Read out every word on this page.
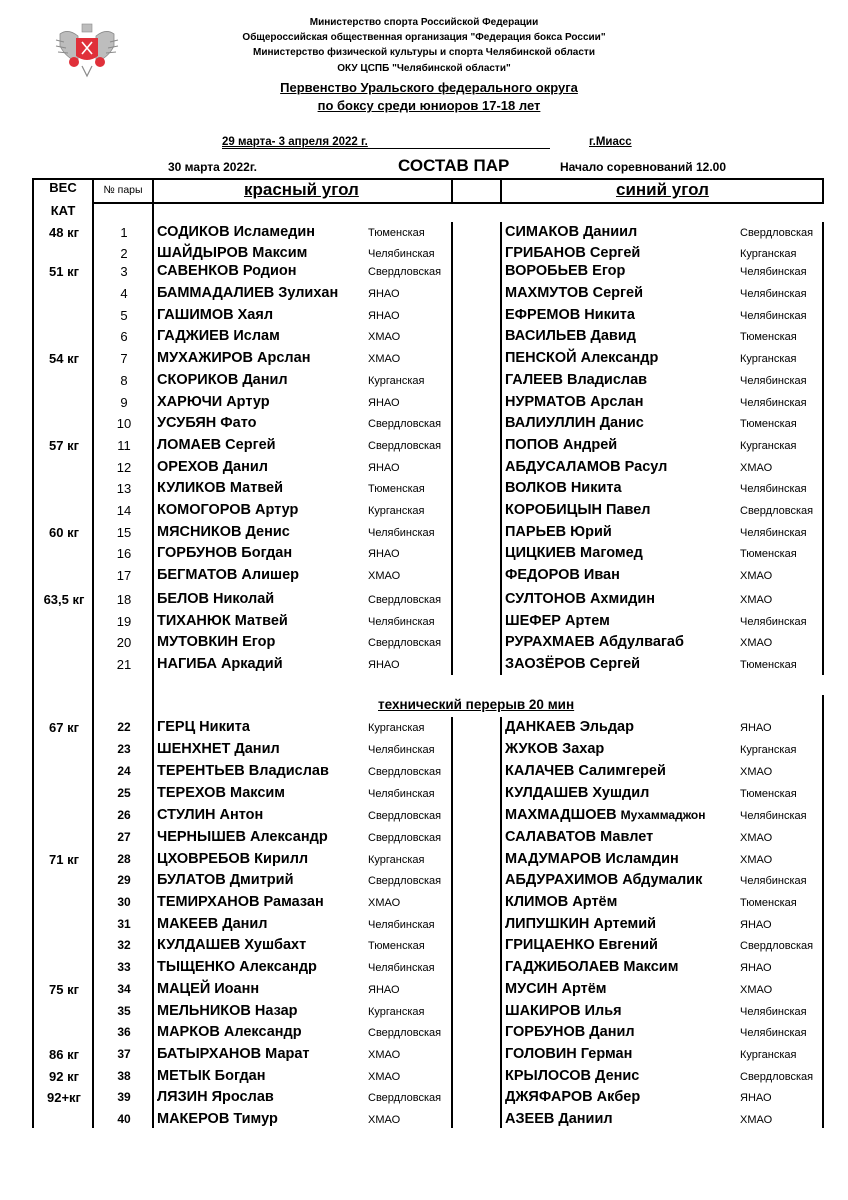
Министерство спорта Российской Федерации
Общероссийская общественная организация "Федерация бокса России"
Министерство физической культуры и спорта Челябинской области
ОКУ ЦСПБ "Челябинской области"
Первенство Уральского федерального округа
по боксу среди юниоров 17-18 лет
29 марта- 3 апреля 2022 г.	г.Миасс
30 марта 2022г.	СОСТАВ ПАР	Начало соревнований 12.00
ВЕС
КАТ
№ пары	красный угол	синий угол
48 кг	1	СОДИКОВ Исламедин	Тюменская	СИМАКОВ Даниил	Свердловская
2	ШАЙДЫРОВ Максим	Челябинская	ГРИБАНОВ Сергей	Курганская
51 кг	3	САВЕНКОВ Родион	Свердловская	ВОРОБЬЕВ Егор	Челябинская
4	БАММАДАЛИЕВ Зулихан	ЯНАО	МАХМУТОВ Сергей	Челябинская
5	ГАШИМОВ Хаял	ЯНАО	ЕФРЕМОВ Никита	Челябинская
6	ГАДЖИЕВ Ислам	ХМАО	ВАСИЛЬЕВ Давид	Тюменская
54 кг	7	МУХАЖИРОВ Арслан	ХМАО	ПЕНСКОЙ Александр	Курганская
8	СКОРИКОВ Данил	Курганская	ГАЛЕЕВ Владислав	Челябинская
9	ХАРЮЧИ Артур	ЯНАО	НУРМАТОВ Арслан	Челябинская
10	УСУБЯН Фато	Свердловская	ВАЛИУЛЛИН Данис	Тюменская
57 кг	11	ЛОМАЕВ Сергей	Свердловская	ПОПОВ Андрей	Курганская
12	ОРЕХОВ Данил	ЯНАО	АБДУСАЛАМОВ Расул	ХМАО
13	КУЛИКОВ Матвей	Тюменская	ВОЛКОВ Никита	Челябинская
14	КОМОГОРОВ Артур	Курганская	КОРОБИЦЫН Павел	Свердловская
60 кг	15	МЯСНИКОВ Денис	Челябинская	ПАРЬЕВ Юрий	Челябинская
16	ГОРБУНОВ Богдан	ЯНАО	ЦИЦКИЕВ Магомед	Тюменская
17	БЕГМАТОВ Алишер	ХМАО	ФЕДОРОВ Иван	ХМАО
63,5 кг	18	БЕЛОВ Николай	Свердловская	СУЛТОНОВ Ахмидин	ХМАО
19	ТИХАНЮК Матвей	Челябинская	ШЕФЕР Артем	Челябинская
20	МУТОВКИН Егор	Свердловская	РУРАХМАЕВ Абдулвагаб	ХМАО
21	НАГИБА Аркадий	ЯНАО	ЗАОЗЁРОВ Сергей	Тюменская
67 кг	22	ГЕРЦ Никита	Курганская	ДАНКАЕВ Эльдар	ЯНАО
23	ШЕНХНЕТ Данил	Челябинская	ЖУКОВ Захар	Курганская
24	ТЕРЕНТЬЕВ Владислав	Свердловская	КАЛАЧЕВ Салимгерей	ХМАО
25	ТЕРЕХОВ Максим	Челябинская	КУЛДАШЕВ Хушдил	Тюменская
26	СТУЛИН Антон	Свердловская	МАХМАДШОЕВ Мухаммаджон	Челябинская
27	ЧЕРНЫШЕВ Александр	Свердловская	САЛАВАТОВ Мавлет	ХМАО
71 кг	28	ЦХОВРЕБОВ Кирилл	Курганская	МАДУМАРОВ Исламдин	ХМАО
29	БУЛАТОВ Дмитрий	Свердловская	АБДУРАХИМОВ Абдумалик	Челябинская
30	ТЕМИРХАНОВ Рамазан	ХМАО	КЛИМОВ Артём	Тюменская
31	МАКЕЕВ Данил	Челябинская	ЛИПУШКИН Артемий	ЯНАО
32	КУЛДАШЕВ Хушбахт	Тюменская	ГРИЦАЕНКО Евгений	Свердловская
33	ТЫЩЕНКО Александр	Челябинская	ГАДЖИБОЛАЕВ Максим	ЯНАО
75 кг	34	МАЦЕЙ Иоанн	ЯНАО	МУСИН Артём	ХМАО
35	МЕЛЬНИКОВ Назар	Курганская	ШАКИРОВ Илья	Челябинская
36	МАРКОВ Александр	Свердловская	ГОРБУНОВ Данил	Челябинская
86 кг	37	БАТЫРХАНОВ Марат	ХМАО	ГОЛОВИН Герман	Курганская
92 кг	38	МЕТЫК Богдан	ХМАО	КРЫЛОСОВ Денис	Свердловская
92+кг	39	ЛЯЗИН Ярослав	Свердловская	ДЖЯФАРОВ Акбер	ЯНАО
40	МАКЕРОВ Тимур	ХМАО	АЗЕЕВ Даниил	ХМАО
технический перерыв 20 мин
